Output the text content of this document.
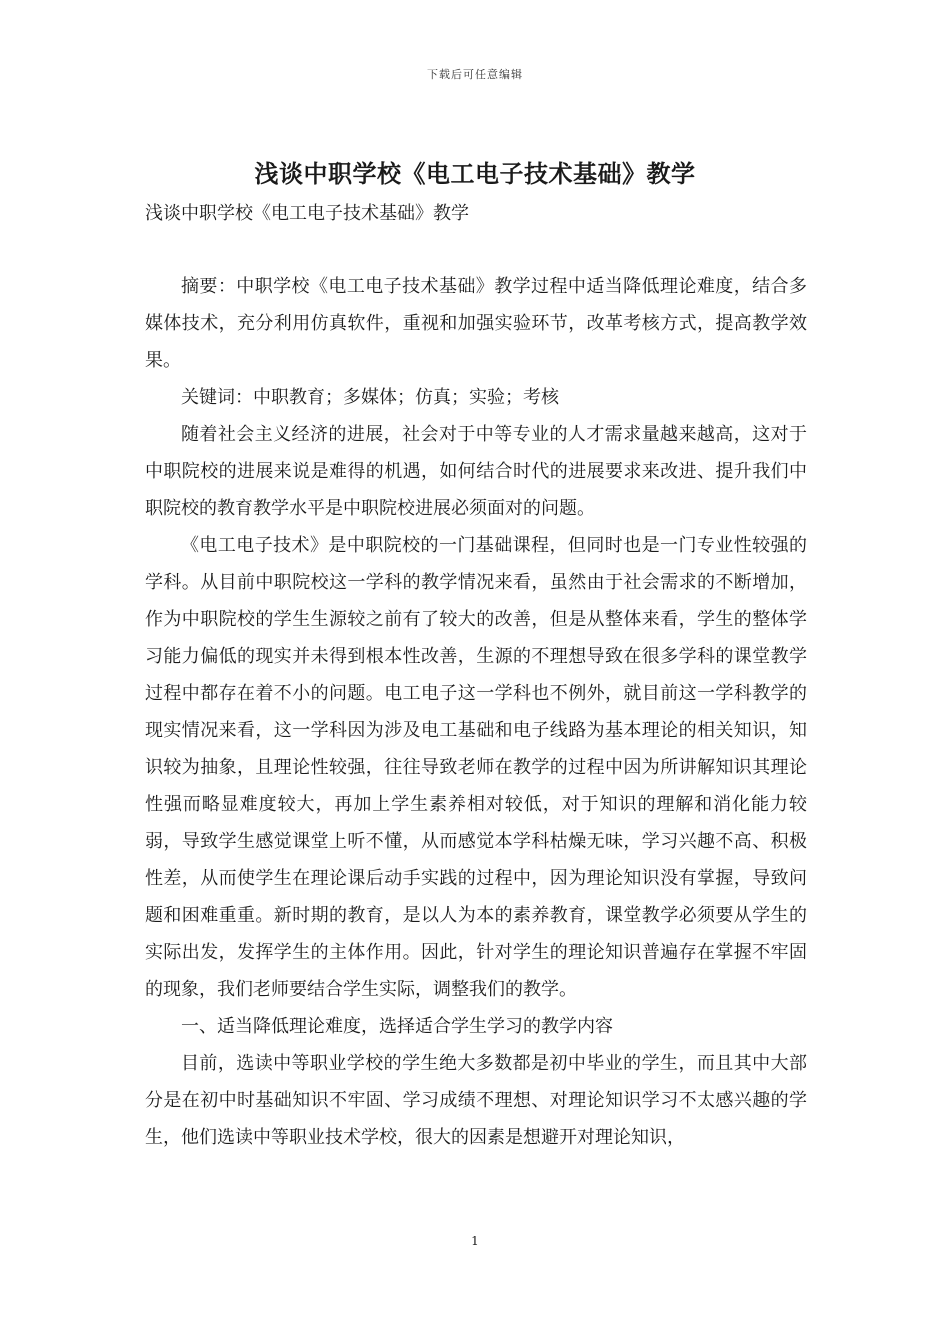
下载后可任意编辑
浅谈中职学校《电工电子技术基础》教学
浅谈中职学校《电工电子技术基础》教学

摘要：中职学校《电工电子技术基础》教学过程中适当降低理论难度，结合多媒体技术，充分利用仿真软件，重视和加强实验环节，改革考核方式，提高教学效果。

关键词：中职教育；多媒体；仿真；实验；考核

随着社会主义经济的进展，社会对于中等专业的人才需求量越来越高，这对于中职院校的进展来说是难得的机遇，如何结合时代的进展要求来改进、提升我们中职院校的教育教学水平是中职院校进展必须面对的问题。

《电工电子技术》是中职院校的一门基础课程，但同时也是一门专业性较强的学科。从目前中职院校这一学科的教学情况来看，虽然由于社会需求的不断增加，作为中职院校的学生生源较之前有了较大的改善，但是从整体来看，学生的整体学习能力偏低的现实并未得到根本性改善，生源的不理想导致在很多学科的课堂教学过程中都存在着不小的问题。电工电子这一学科也不例外，就目前这一学科教学的现实情况来看，这一学科因为涉及电工基础和电子线路为基本理论的相关知识，知识较为抽象，且理论性较强，往往导致老师在教学的过程中因为所讲解知识其理论性强而略显难度较大，再加上学生素养相对较低，对于知识的理解和消化能力较弱，导致学生感觉课堂上听不懂，从而感觉本学科枯燥无味，学习兴趣不高、积极性差，从而使学生在理论课后动手实践的过程中，因为理论知识没有掌握，导致问题和困难重重。新时期的教育，是以人为本的素养教育，课堂教学必须要从学生的实际出发，发挥学生的主体作用。因此，针对学生的理论知识普遍存在掌握不牢固的现象，我们老师要结合学生实际，调整我们的教学。

一、适当降低理论难度，选择适合学生学习的教学内容

目前，选读中等职业学校的学生绝大多数都是初中毕业的学生，而且其中大部分是在初中时基础知识不牢固、学习成绩不理想、对理论知识学习不太感兴趣的学生，他们选读中等职业技术学校，很大的因素是想避开对理论知识，

1
